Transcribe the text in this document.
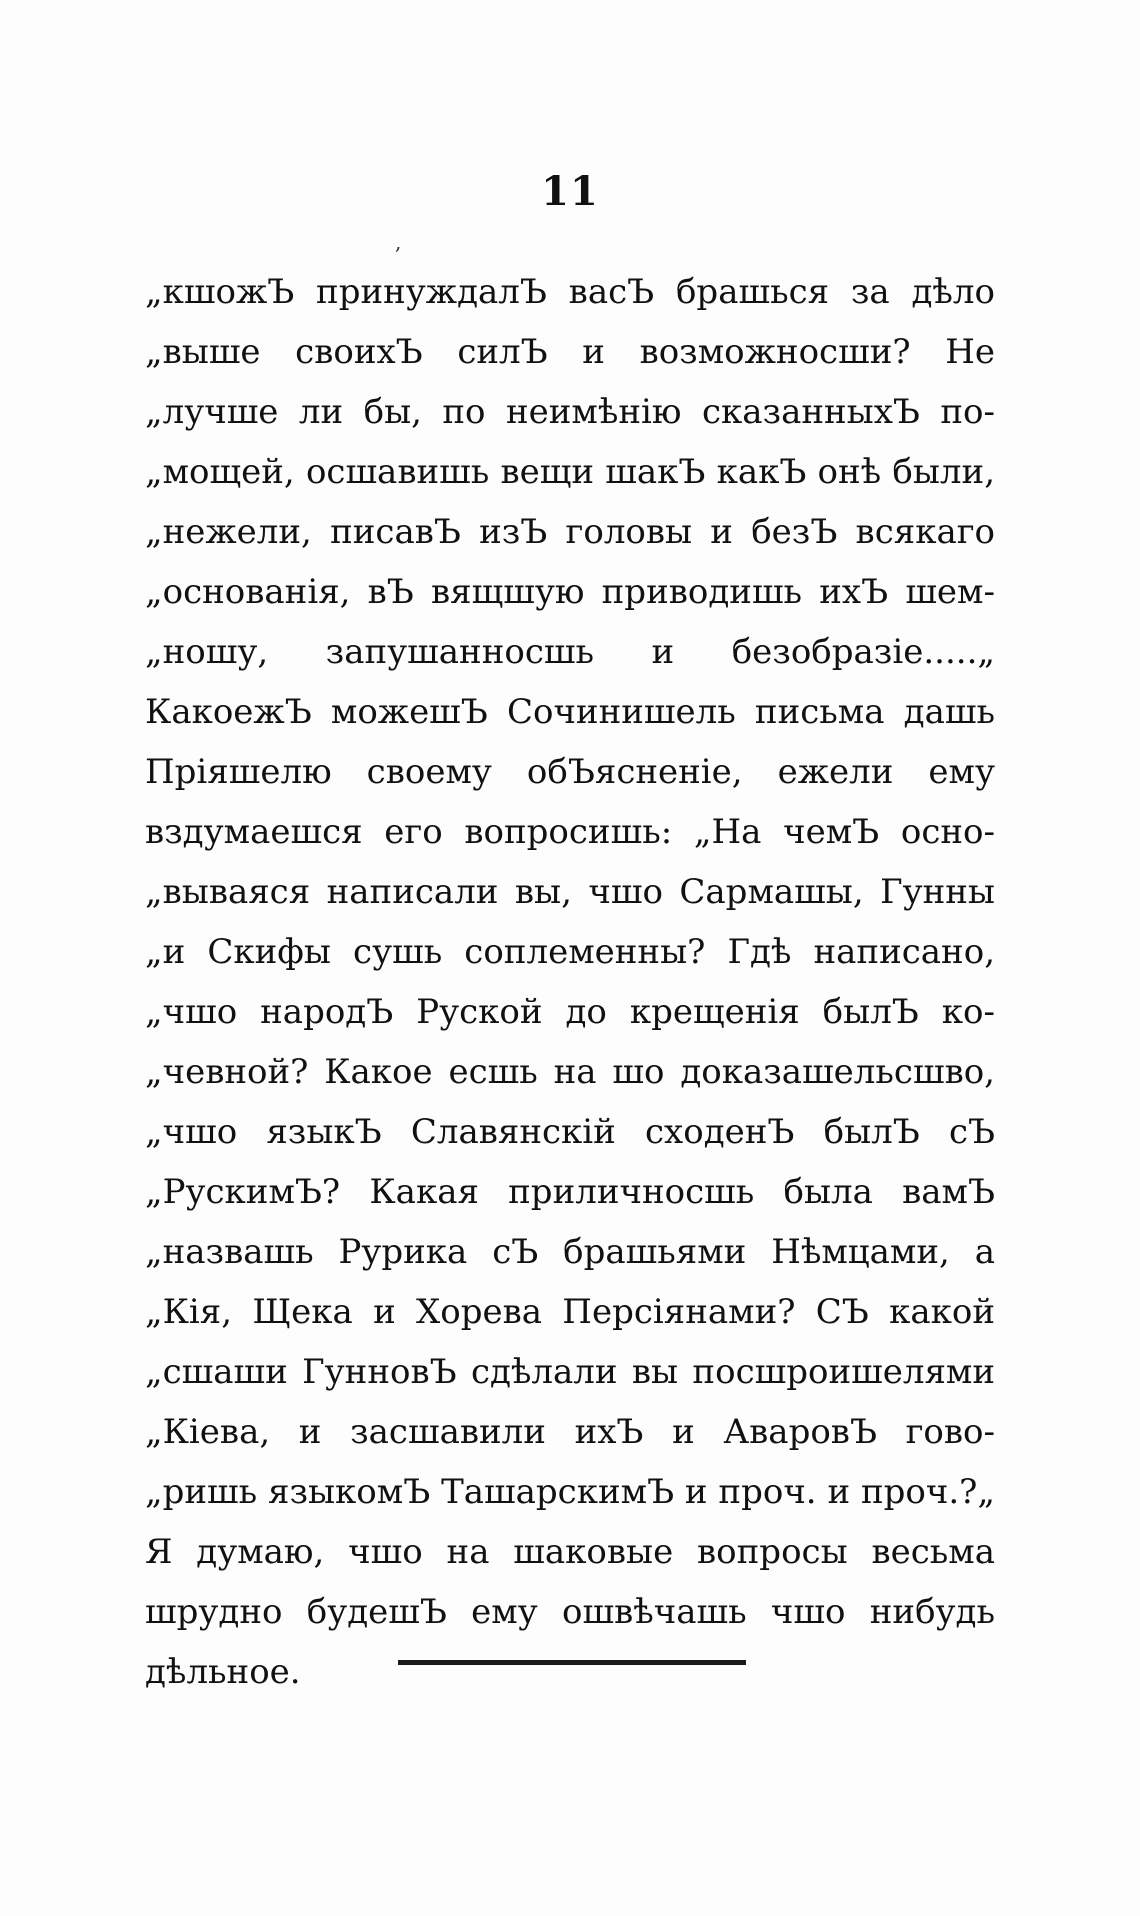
11
,
„кшожЪ принуждалЪ васЪ брашься за дѣло
„выше своихЪ силЪ и возможносши? Не
„лучше ли бы, по неимѣнію сказанныхЪ по-
„мощей, осшавишь вещи шакЪ какЪ онѣ были,
„нежели, писавЪ изЪ головы и безЪ всякаго
„основанія, вЪ вящшую приводишь ихЪ шем-
„ношу, запушанносшь и безобразіе.....„
КакоежЪ можешЪ Сочинишель письма дашь
Пріяшелю своему обЪясненіе, ежели ему
вздумаешся его вопросишь: „На чемЪ осно-
„вываяся написали вы, чшо Сармашы, Гунны
„и Скифы сушь соплеменны? Гдѣ написано,
„чшо народЪ Руской до крещенія былЪ ко-
„чевной? Какое есшь на шо доказашельсшво,
„чшо языкЪ Славянскій сходенЪ былЪ сЪ
„РускимЪ? Какая приличносшь была вамЪ
„назвашь Рурика сЪ брашьями Нѣмцами, а
„Кія, Щека и Хорева Персіянами? СЪ какой
„сшаши ГунновЪ сдѣлали вы посшроишелями
„Кіева, и засшавили ихЪ и АваровЪ гово-
„ришь языкомЪ ТашарскимЪ и проч. и проч.?„
Я думаю, чшо на шаковые вопросы весьма
шрудно будешЪ ему ошвѣчашь чшо нибудь
дѣльное.
